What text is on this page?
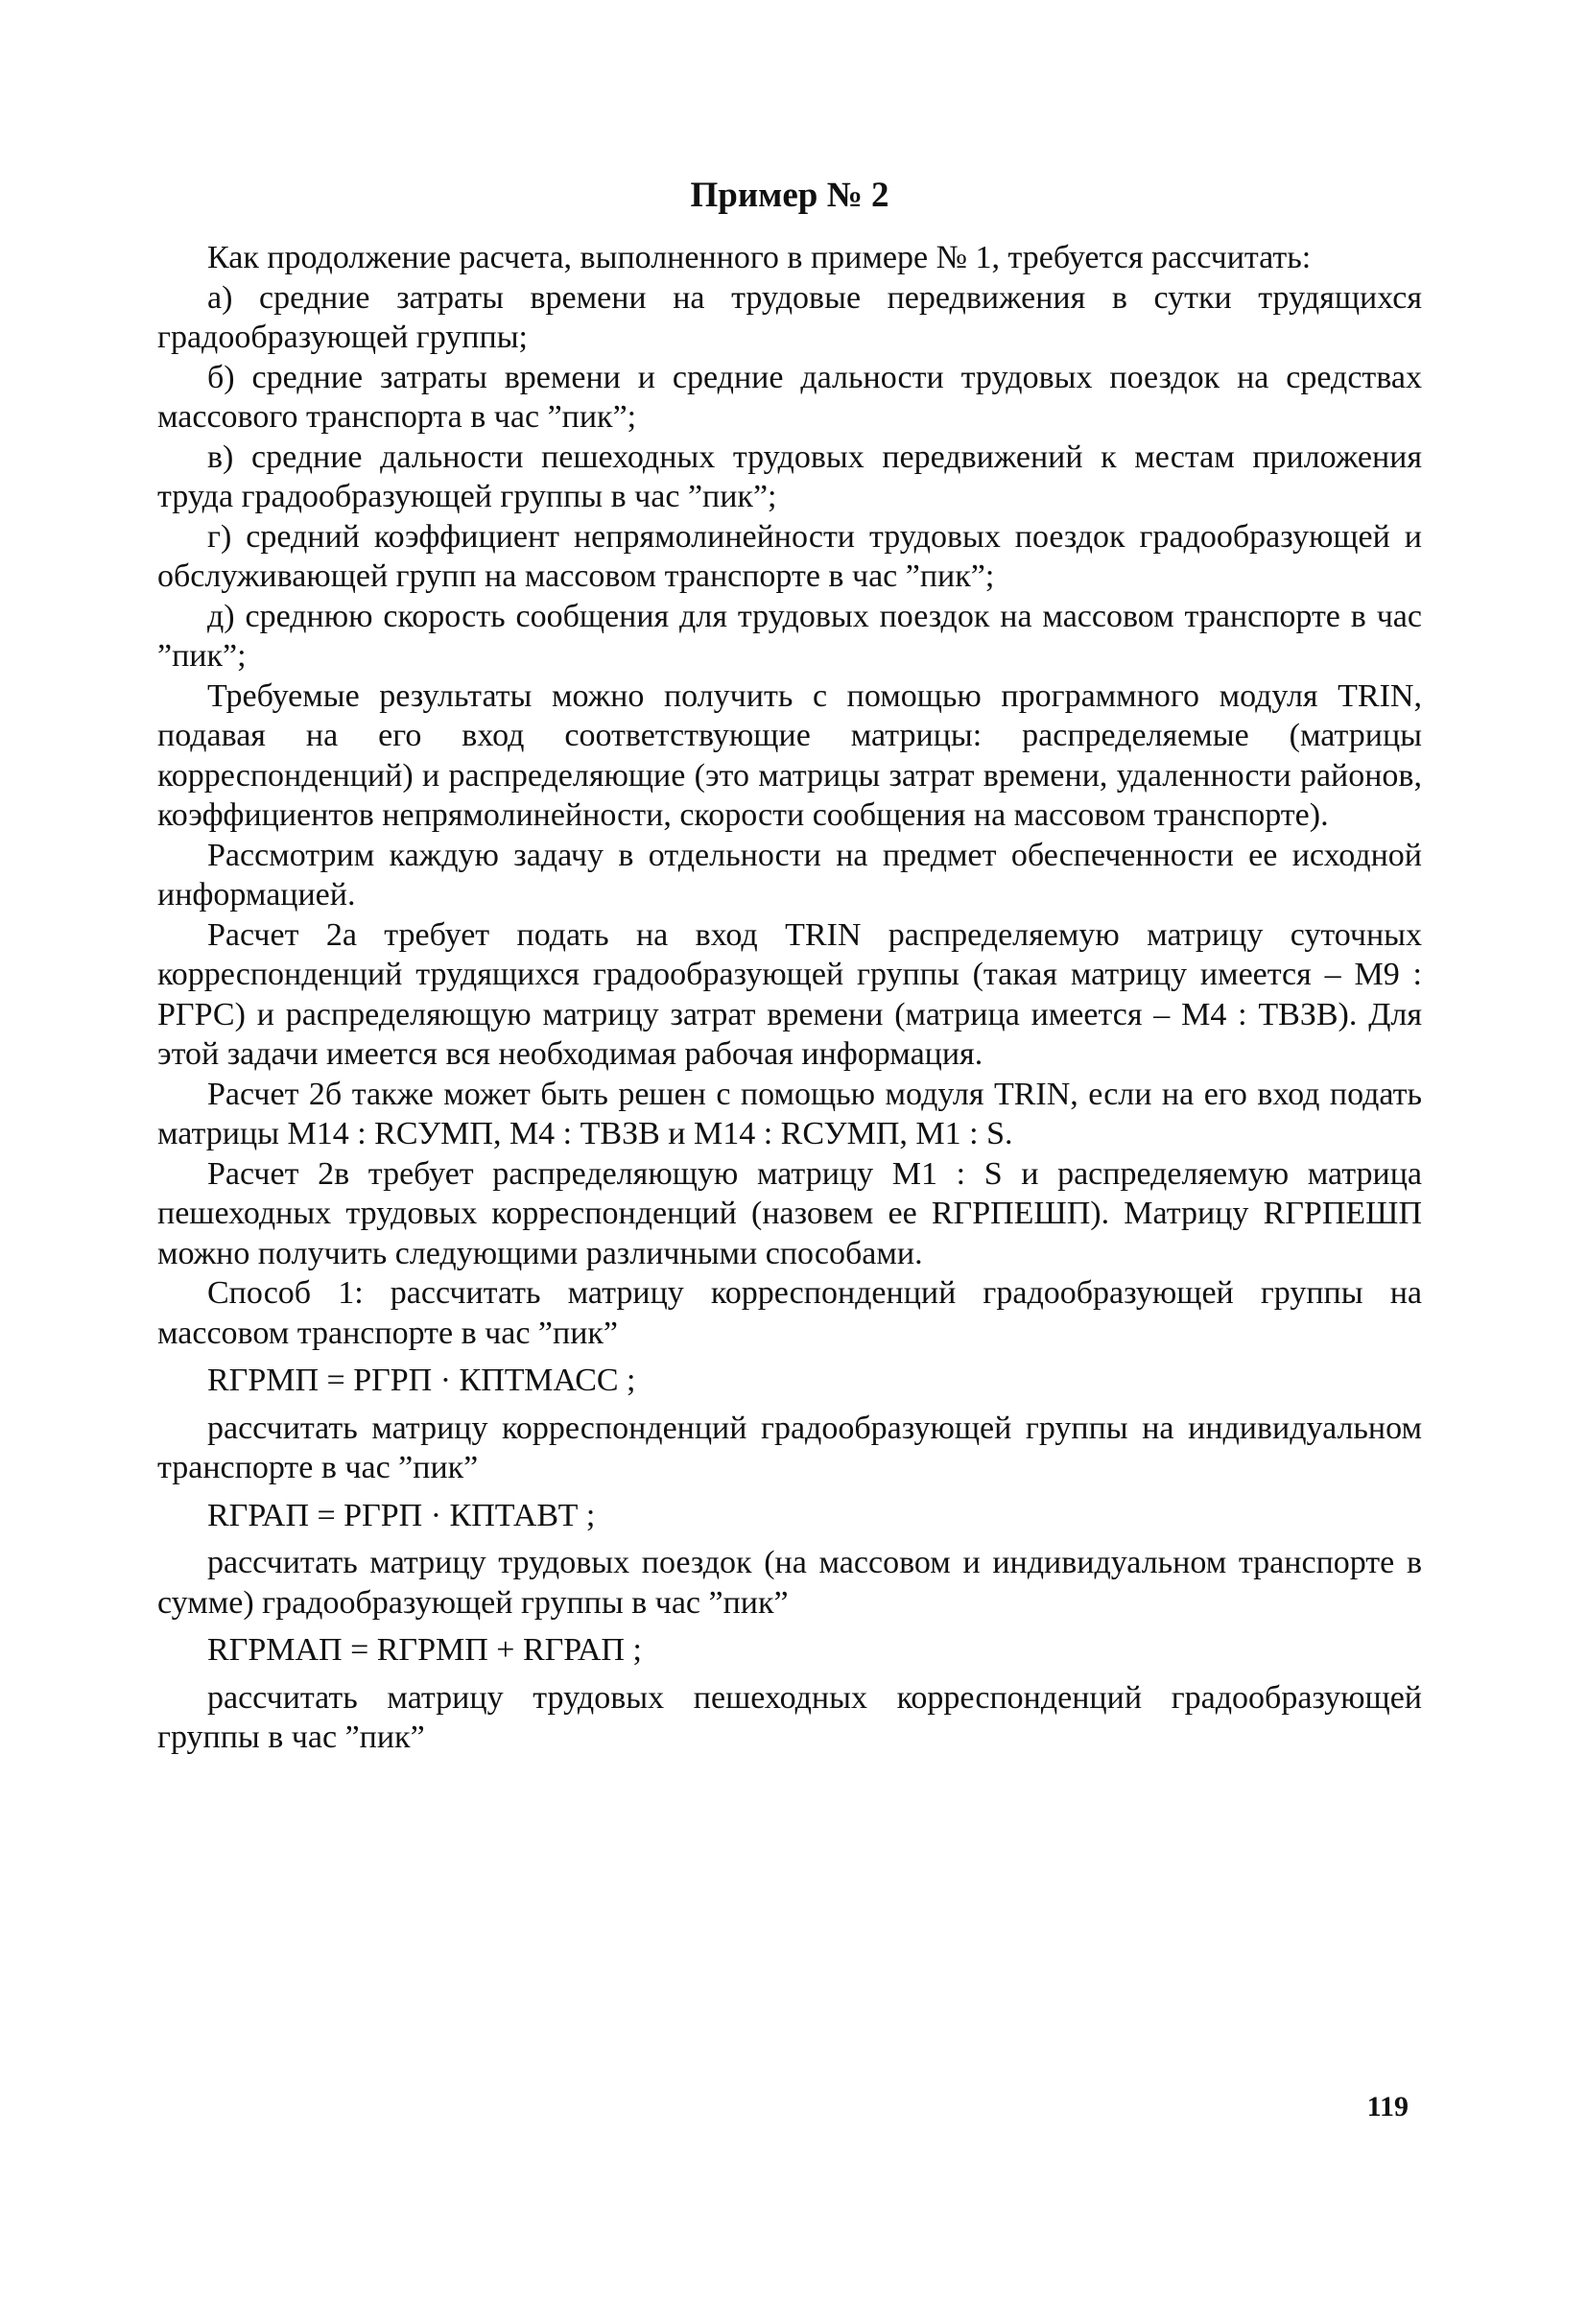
Пример № 2

Как продолжение расчета, выполненного в примере № 1, требуется рассчитать:

а) средние затраты времени на трудовые передвижения в сутки трудящихся градообразующей группы;

б) средние затраты времени и средние дальности трудовых поездок на средствах массового транспорта в час ”пик”;

в) средние дальности пешеходных трудовых передвижений к местам приложения труда градообразующей группы в час ”пик”;

г) средний коэффициент непрямолинейности трудовых поездок градообразующей и обслуживающей групп на массовом транспорте в час ”пик”;

д) среднюю скорость сообщения для трудовых поездок на массовом транспорте в час ”пик”;

Требуемые результаты можно получить с помощью программного модуля TRIN, подавая на его вход соответствующие матрицы: распределяемые (матрицы корреспонденций) и распределяющие (это матрицы затрат времени, удаленности районов, коэффициентов непрямолинейности, скорости сообщения на массовом транспорте).

Рассмотрим каждую задачу в отдельности на предмет обеспеченности ее исходной информацией.

Расчет 2а требует подать на вход TRIN распределяемую матрицу суточных корреспонденций трудящихся градообразующей группы (такая матрицу имеется – М9 : PГРС) и распределяющую матрицу затрат времени (матрица имеется – М4 : TВЗВ). Для этой задачи имеется вся необходимая рабочая информация.

Расчет 2б также может быть решен с помощью модуля TRIN, если на его вход подать матрицы М14 : RСУМП, М4 : TВЗВ и М14 : RСУМП, М1 : S.

Расчет 2в требует распределяющую матрицу М1 : S и распределяемую матрица пешеходных трудовых корреспонденций (назовем ее RГРПЕШП). Матрицу RГРПЕШП можно получить следующими различными способами.

Способ 1: рассчитать матрицу корреспонденций градообразующей группы на массовом транспорте в час ”пик”

RГРМП = PГРП · КПТМАСС ;

рассчитать матрицу корреспонденций градообразующей группы на индивидуальном транспорте в час ”пик”

RГРАП = PГРП · КПТАВТ ;

рассчитать матрицу трудовых поездок (на массовом и индивидуальном транспорте в сумме) градообразующей группы в час ”пик”

RГРМАП = RГРМП + RГРАП ;

рассчитать матрицу трудовых пешеходных корреспонденций градообразующей группы в час ”пик”

119
